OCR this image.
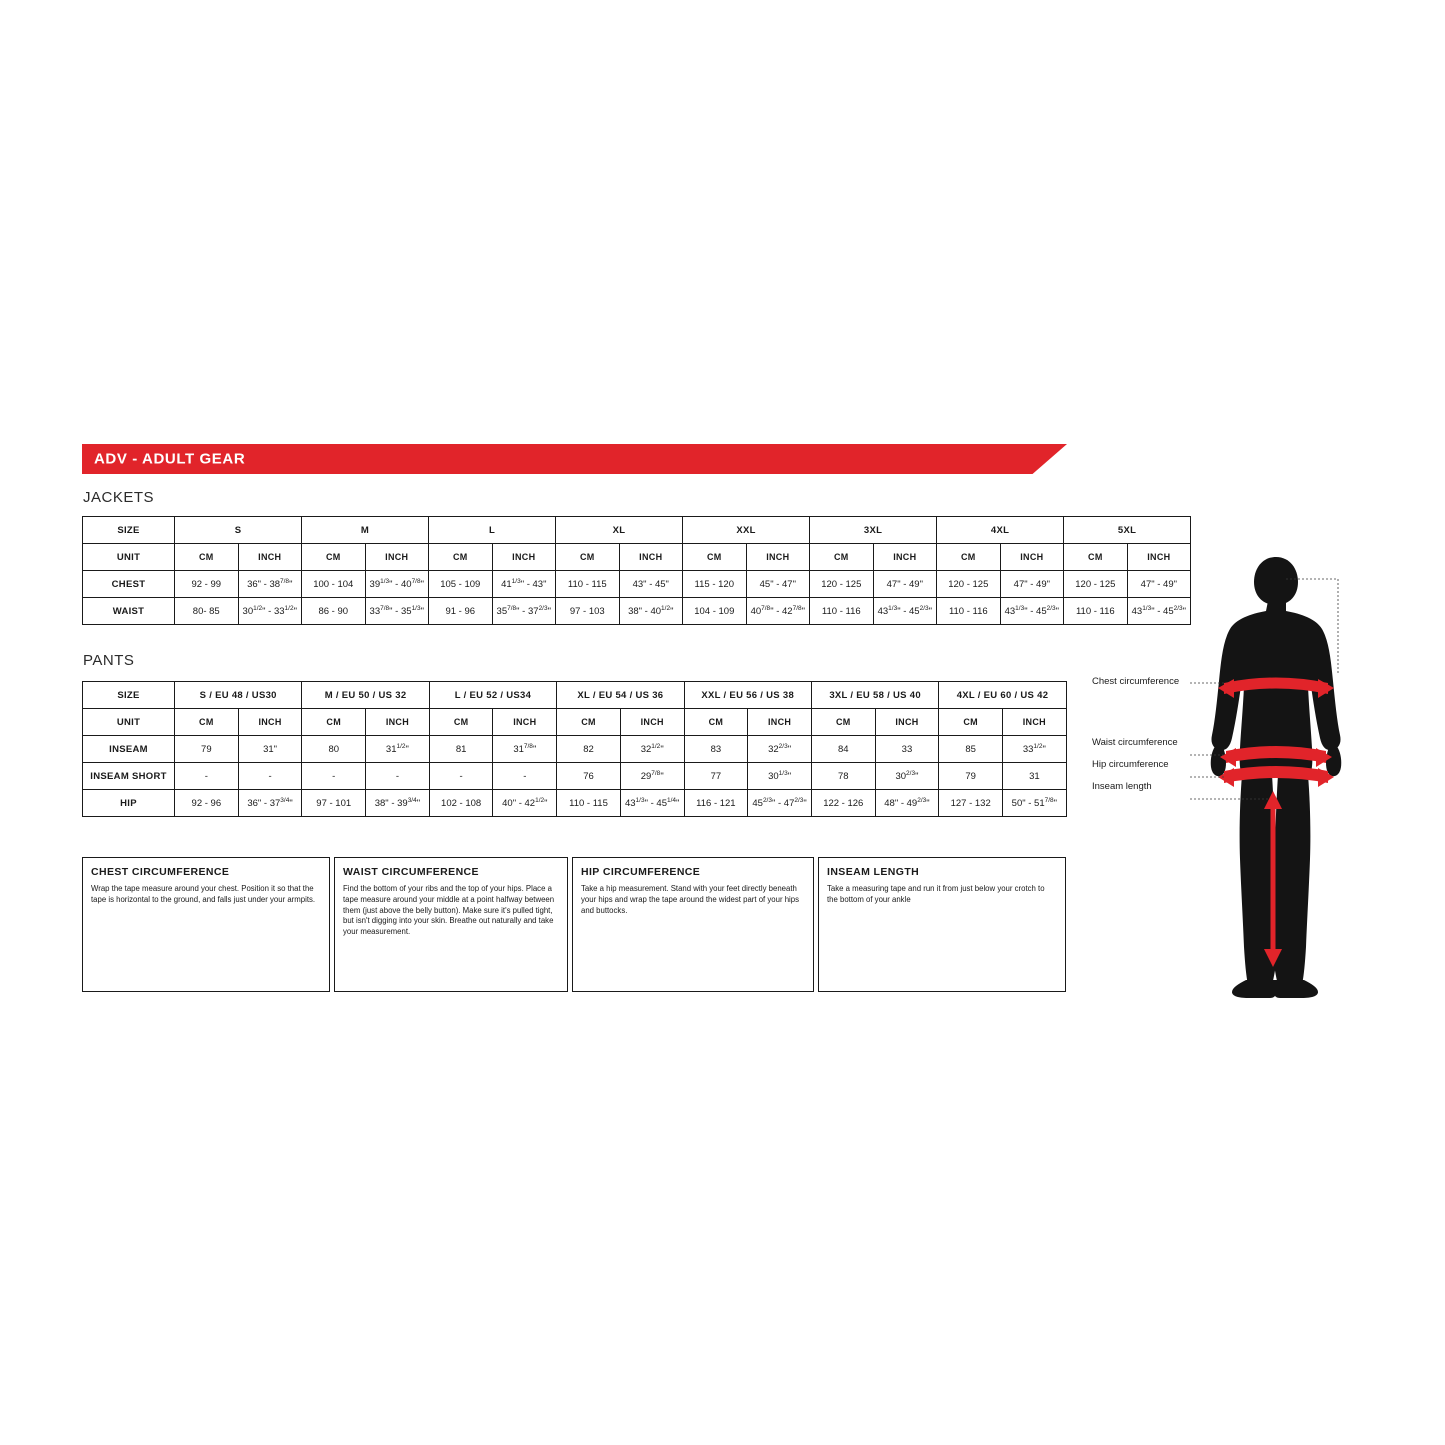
ADV - ADULT GEAR
JACKETS
SIZE	S		M		L		XL		XXL		3XL		4XL		5XL	
UNIT	CM	INCH	CM	INCH	CM	INCH	CM	INCH	CM	INCH	CM	INCH	CM	INCH	CM	INCH
CHEST	92 - 99	36" - $38^{7/8}$"	100 - 104	$39^{1/3}$" - $40^{7/8}$"	105 - 109	$41^{1/3}$" - 43"	110 - 115	43" - 45"	115 - 120	45" - 47"	120 - 125	47" - 49"	120 - 125	47" - 49"	120 - 125	47" - 49"
WAIST	80- 85	$30^{1/2}$" - $33^{1/2}$"	86 - 90	$33^{7/8}$" - $35^{1/3}$"	91 - 96	$35^{7/8}$" - $37^{2/3}$"	97 - 103	38" - $40^{1/2}$"	104 - 109	$40^{7/8}$" - $42^{7/8}$"	110 - 116	$43^{1/3}$" - $45^{2/3}$"	110 - 116	$43^{1/3}$" - $45^{2/3}$"	110 - 116	$43^{1/3}$" - $45^{2/3}$"
PANTS
SIZE	S / EU 48 / US30		M / EU 50 / US 32		L / EU 52 / US34		XL / EU 54 / US 36		XXL / EU 56 / US 38		3XL / EU 58 / US 40		4XL / EU 60 / US 42	
UNIT	CM	INCH	CM	INCH	CM	INCH	CM	INCH	CM	INCH	CM	INCH	CM	INCH
INSEAM	79	31"	80	$31^{1/2}$"	81	$31^{7/8}$"	82	$32^{1/2}$"	83	$32^{2/3}$"	84	33	85	$33^{1/2}$"
INSEAM SHORT	-	-	-	-	-	-	76	$29^{7/8}$"	77	$30^{1/3}$"	78	$30^{2/3}$"	79	31
HIP	92 - 96	36" - $37^{3/4}$"	97 - 101	38" - $39^{3/4}$"	102 - 108	40" - $42^{1/2}$"	110 - 115	$43^{1/3}$" - $45^{1/4}$"	116 - 121	$45^{2/3}$" - $47^{2/3}$"	122 - 126	48" - $49^{2/3}$"	127 - 132	50" - $51^{7/8}$"
CHEST CIRCUMFERENCE
Wrap the tape measure around your chest. Position it so that the tape is horizontal to the ground, and falls just under your armpits.
WAIST CIRCUMFERENCE
Find the bottom of your ribs and the top of your hips. Place a tape measure around your middle at a point halfway between them (just above the belly button). Make sure it's pulled tight, but isn't digging into your skin. Breathe out naturally and take your measurement.
HIP CIRCUMFERENCE
Take a hip measurement. Stand with your feet directly beneath your hips and wrap the tape around the widest part of your hips and buttocks.
INSEAM LENGTH
Take a measuring tape and run it from just below your crotch to the bottom of your ankle
Chest circumference
Waist circumference
Hip circumference
Inseam length
